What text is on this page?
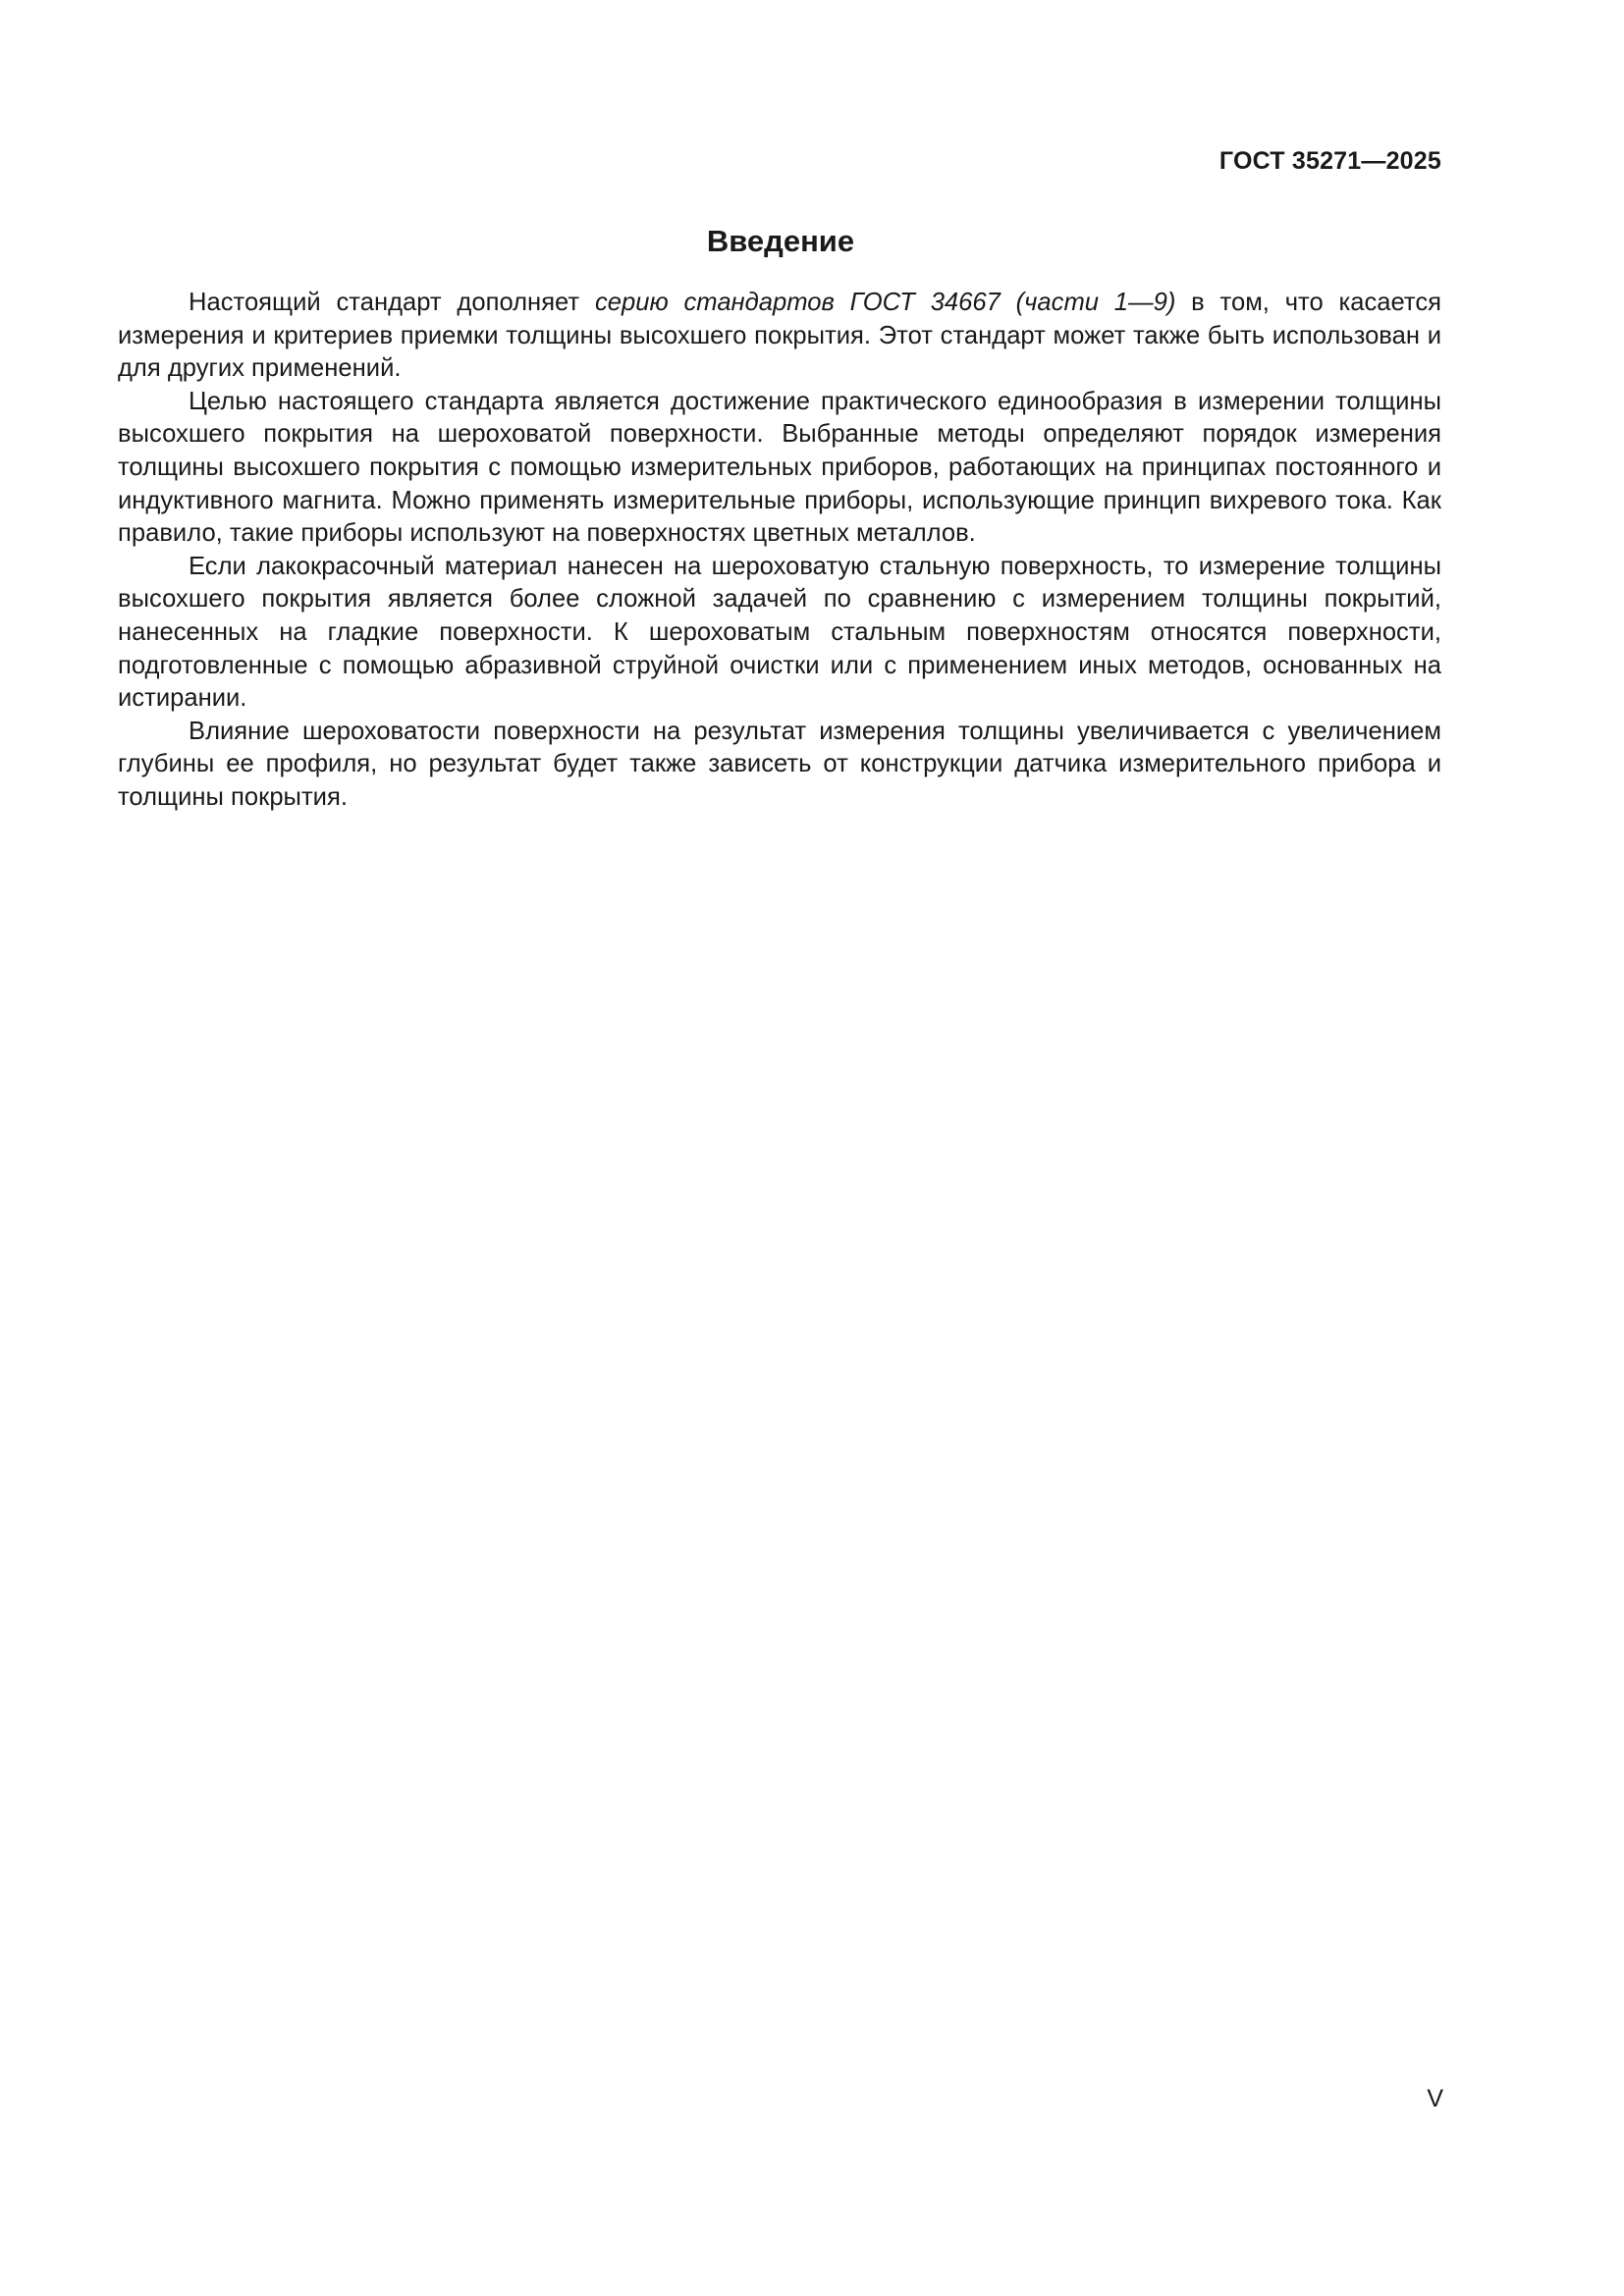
ГОСТ 35271—2025
Введение

Настоящий стандарт дополняет серию стандартов ГОСТ 34667 (части 1—9) в том, что касается измерения и критериев приемки толщины высохшего покрытия. Этот стандарт может также быть использован и для других применений.

Целью настоящего стандарта является достижение практического единообразия в измерении толщины высохшего покрытия на шероховатой поверхности. Выбранные методы определяют порядок измерения толщины высохшего покрытия с помощью измерительных приборов, работающих на принципах постоянного и индуктивного магнита. Можно применять измерительные приборы, использующие принцип вихревого тока. Как правило, такие приборы используют на поверхностях цветных металлов.

Если лакокрасочный материал нанесен на шероховатую стальную поверхность, то измерение толщины высохшего покрытия является более сложной задачей по сравнению с измерением толщины покрытий, нанесенных на гладкие поверхности. К шероховатым стальным поверхностям относятся поверхности, подготовленные с помощью абразивной струйной очистки или с применением иных методов, основанных на истирании.

Влияние шероховатости поверхности на результат измерения толщины увеличивается с увеличением глубины ее профиля, но результат будет также зависеть от конструкции датчика измерительного прибора и толщины покрытия.

V
